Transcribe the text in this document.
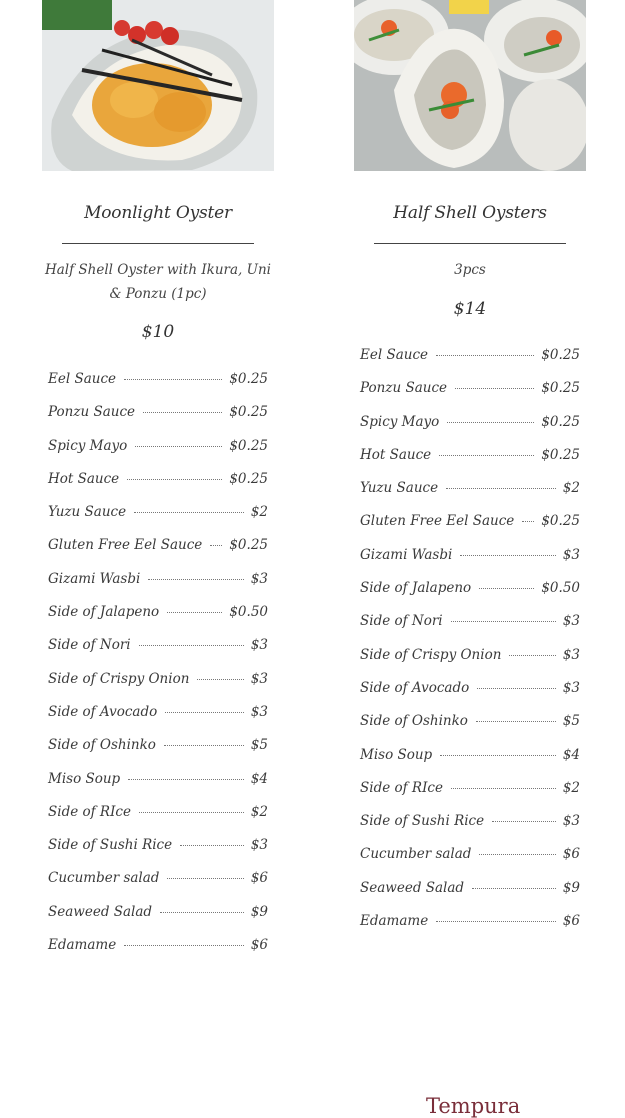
Moonlight Oyster
Half Shell Oyster with Ikura, Uni & Ponzu (1pc)
$10
Eel Sauce	$0.25
Ponzu Sauce	$0.25
Spicy Mayo	$0.25
Hot Sauce	$0.25
Yuzu Sauce	$2
Gluten Free Eel Sauce $0.25
Gizami Wasbi	$3
Side of Jalapeno	$0.50
Side of Nori	$3
Side of Crispy Onion	$3
Side of Avocado	$3
Side of Oshinko	$5
Miso Soup	$4
Side of RIce	$2
Side of Sushi Rice	$3
Cucumber salad	$6
Seaweed Salad	$9
Edamame	$6
Half Shell Oysters
3pcs
$14
Eel Sauce	$0.25
Ponzu Sauce	$0.25
Spicy Mayo	$0.25
Hot Sauce	$0.25
Yuzu Sauce	$2
Gluten Free Eel Sauce $0.25
Gizami Wasbi	$3
Side of Jalapeno	$0.50
Side of Nori	$3
Side of Crispy Onion	$3
Side of Avocado	$3
Side of Oshinko	$5
Miso Soup	$4
Side of RIce	$2
Side of Sushi Rice	$3
Cucumber salad	$6
Seaweed Salad	$9
Edamame	$6
Tempura
